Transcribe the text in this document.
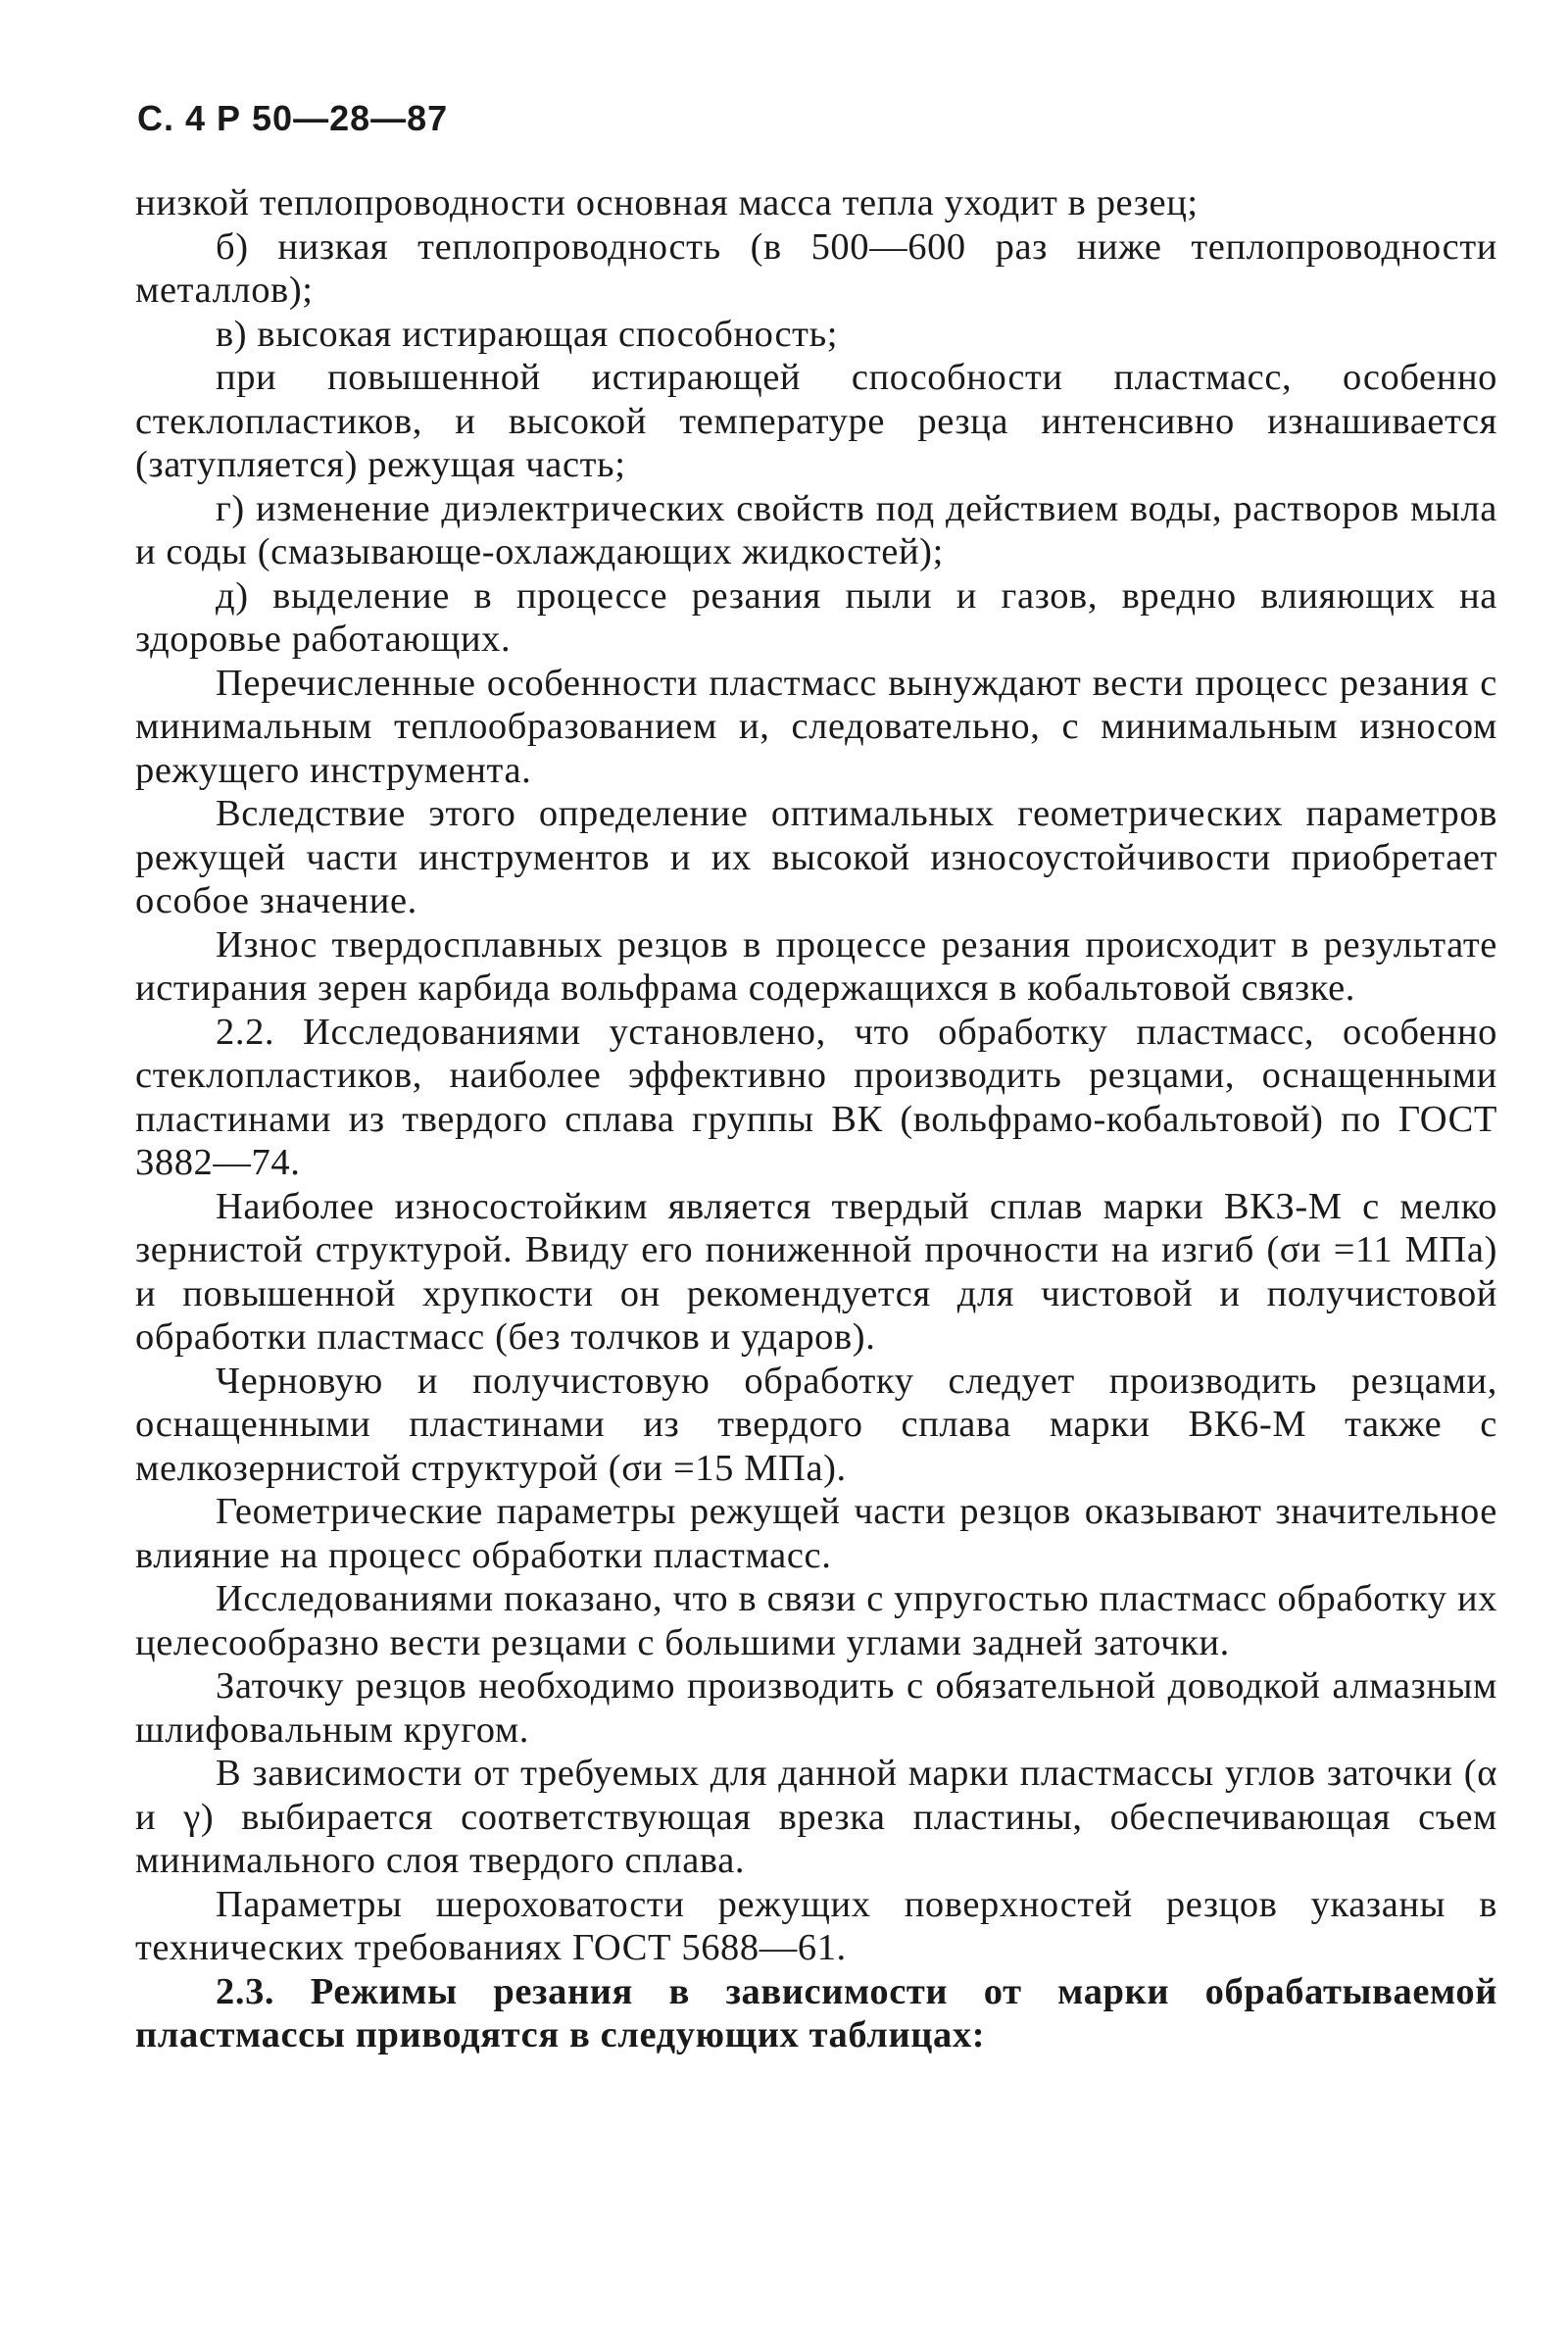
С. 4 Р 50—28—87

низкой теплопроводности основная масса тепла уходит в резец;

б) низкая теплопроводность (в 500—600 раз ниже теплопроводности металлов);

в) высокая истирающая способность;

при повышенной истирающей способности пластмасс, особенно стеклопластиков, и высокой температуре резца интенсивно изнашивается (затупляется) режущая часть;

г) изменение диэлектрических свойств под действием воды, растворов мыла и соды (смазывающе-охлаждающих жидкостей);

д) выделение в процессе резания пыли и газов, вредно влияющих на здоровье работающих.

Перечисленные особенности пластмасс вынуждают вести процесс резания с минимальным теплообразованием и, следовательно, с минимальным износом режущего инструмента.

Вследствие этого определение оптимальных геометрических параметров режущей части инструментов и их высокой износоустойчивости приобретает особое значение.

Износ твердосплавных резцов в процессе резания происходит в результате истирания зерен карбида вольфрама содержащихся в кобальтовой связке.

2.2. Исследованиями установлено, что обработку пластмасс, особенно стеклопластиков, наиболее эффективно производить резцами, оснащенными пластинами из твердого сплава группы ВК (вольфрамо-кобальтовой) по ГОСТ 3882—74.

Наиболее износостойким является твердый сплав марки ВКЗ-М с мелко зернистой структурой. Ввиду его пониженной прочности на изгиб (σи =11 МПа) и повышенной хрупкости он рекомендуется для чистовой и получистовой обработки пластмасс (без толчков и ударов).

Черновую и получистовую обработку следует производить резцами, оснащенными пластинами из твердого сплава марки ВК6-М также с мелкозернистой структурой (σи =15 МПа).

Геометрические параметры режущей части резцов оказывают значительное влияние на процесс обработки пластмасс.

Исследованиями показано, что в связи с упругостью пластмасс обработку их целесообразно вести резцами с большими углами задней заточки.

Заточку резцов необходимо производить с обязательной доводкой алмазным шлифовальным кругом.

В зависимости от требуемых для данной марки пластмассы углов заточки (α и γ) выбирается соответствующая врезка пластины, обеспечивающая съем минимального слоя твердого сплава.

Параметры шероховатости режущих поверхностей резцов указаны в технических требованиях ГОСТ 5688—61.

2.3. Режимы резания в зависимости от марки обрабатываемой пластмассы приводятся в следующих таблицах:
